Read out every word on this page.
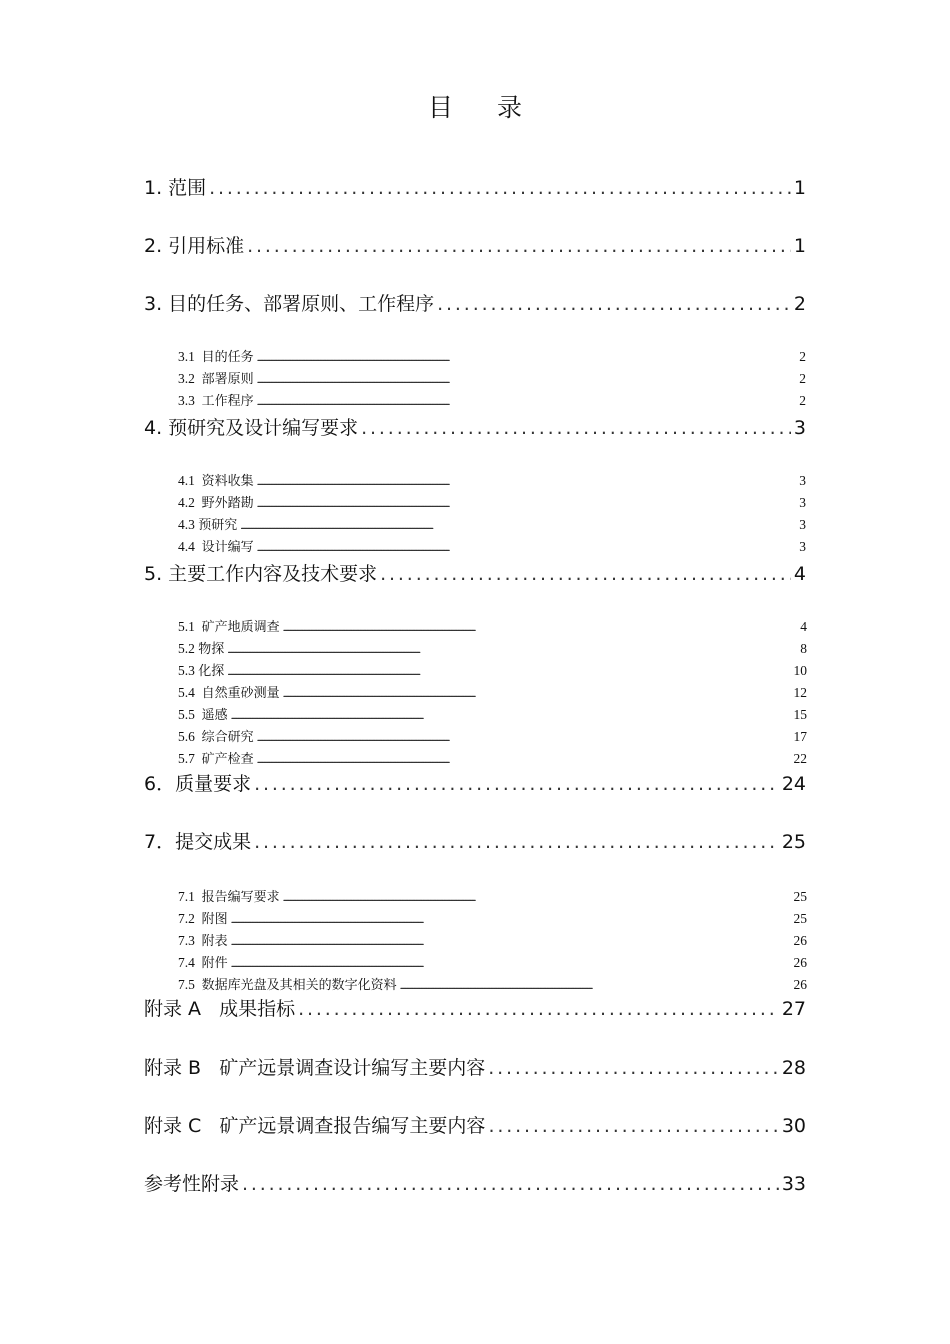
目 录
1. 范围 . . .	1
2. 引用标准 . . .	1
3. 目的任务、部署原则、工作程序 . . .	2
3.1 目的任务 . . .	2
3.2 部署原则 . . .	2
3.3 工作程序 . . .	2
4. 预研究及设计编写要求 . . .	3
4.1 资料收集 . . .	3
4.2 野外踏勘 . . .	3
4.3 预研究 . . .	3
4.4 设计编写 . . .	3
5. 主要工作内容及技术要求 . . .	4
5.1 矿产地质调查 . . .	4
5.2 物探 . . .	8
5.3 化探 . . .	10
5.4 自然重砂测量 . . .	12
5.5 遥感 . . .	15
5.6 综合研究 . . .	17
5.7 矿产检查 . . .	22
6．质量要求 . . .	24
7．提交成果 . . .	25
7.1 报告编写要求 . . .	25
7.2 附图 . . .	25
7.3 附表 . . .	26
7.4 附件 . . .	26
7.5 数据库光盘及其相关的数字化资料 . . .	26
附录 A   成果指标 . . .	27
附录 B   矿产远景调查设计编写主要内容 . . .	28
附录 C   矿产远景调查报告编写主要内容 . . .	30
参考性附录 . . .	33
